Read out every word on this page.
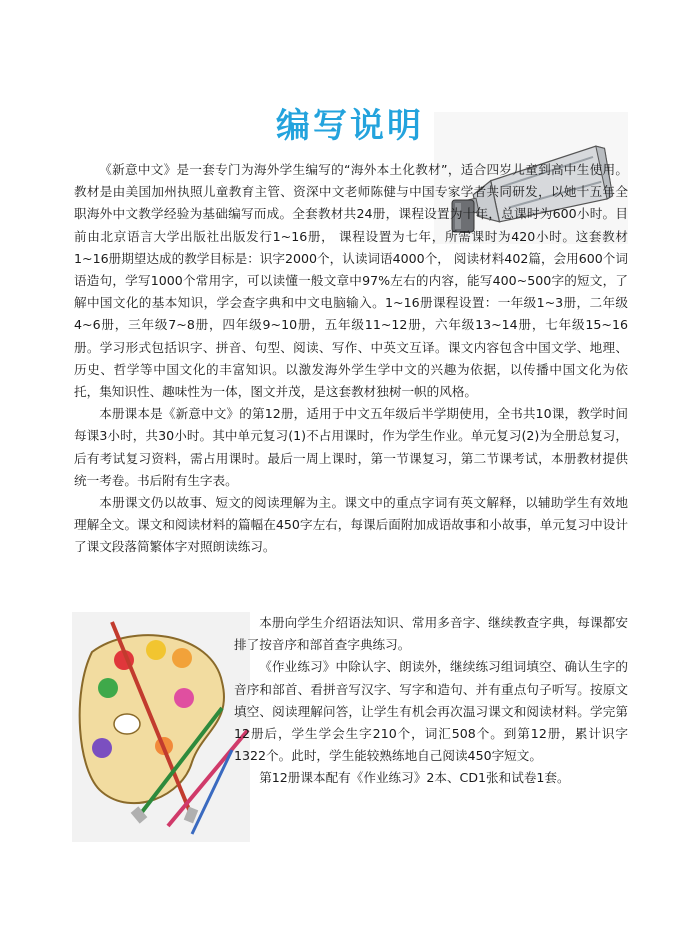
编写说明

《新意中文》是一套专门为海外学生编写的“海外本土化教材”，适合四岁儿童到高中生使用。教材是由美国加州执照儿童教育主管、资深中文老师陈健与中国专家学者共同研发，以她十五年全职海外中文教学经验为基础编写而成。全套教材共24册，课程设置为十年，总课时为600小时。目前由北京语言大学出版社出版发行1~16册， 课程设置为七年，所需课时为420小时。这套教材1~16册期望达成的教学目标是：识字2000个，认读词语4000个， 阅读材料402篇，会用600个词语造句，学写1000个常用字，可以读懂一般文章中97%左右的内容，能写400~500字的短文，了解中国文化的基本知识，学会查字典和中文电脑输入。1~16册课程设置：一年级1~3册，二年级4~6册，三年级7~8册，四年级9~10册，五年级11~12册，六年级13~14册，七年级15~16册。学习形式包括识字、拼音、句型、阅读、写作、中英文互译。课文内容包含中国文学、地理、历史、哲学等中国文化的丰富知识。以激发海外学生学中文的兴趣为依据，以传播中国文化为依托，集知识性、趣味性为一体，图文并茂，是这套教材独树一帜的风格。

本册课本是《新意中文》的第12册，适用于中文五年级后半学期使用，全书共10课，教学时间每课3小时，共30小时。其中单元复习(1)不占用课时，作为学生作业。单元复习(2)为全册总复习，后有考试复习资料，需占用课时。最后一周上课时，第一节课复习，第二节课考试，本册教材提供统一考卷。书后附有生字表。

本册课文仍以故事、短文的阅读理解为主。课文中的重点字词有英文解释，以辅助学生有效地理解全文。课文和阅读材料的篇幅在450字左右，每课后面附加成语故事和小故事，单元复习中设计了课文段落简繁体字对照朗读练习。

本册向学生介绍语法知识、常用多音字、继续教查字典，每课都安排了按音序和部首查字典练习。

《作业练习》中除认字、朗读外，继续练习组词填空、确认生字的音序和部首、看拼音写汉字、写字和造句、并有重点句子听写。按原文填空、阅读理解问答，让学生有机会再次温习课文和阅读材料。学完第12册后，学生学会生字210个，词汇508个。到第12册，累计识字1322个。此时，学生能较熟练地自己阅读450字短文。

第12册课本配有《作业练习》2本、CD1张和试卷1套。
